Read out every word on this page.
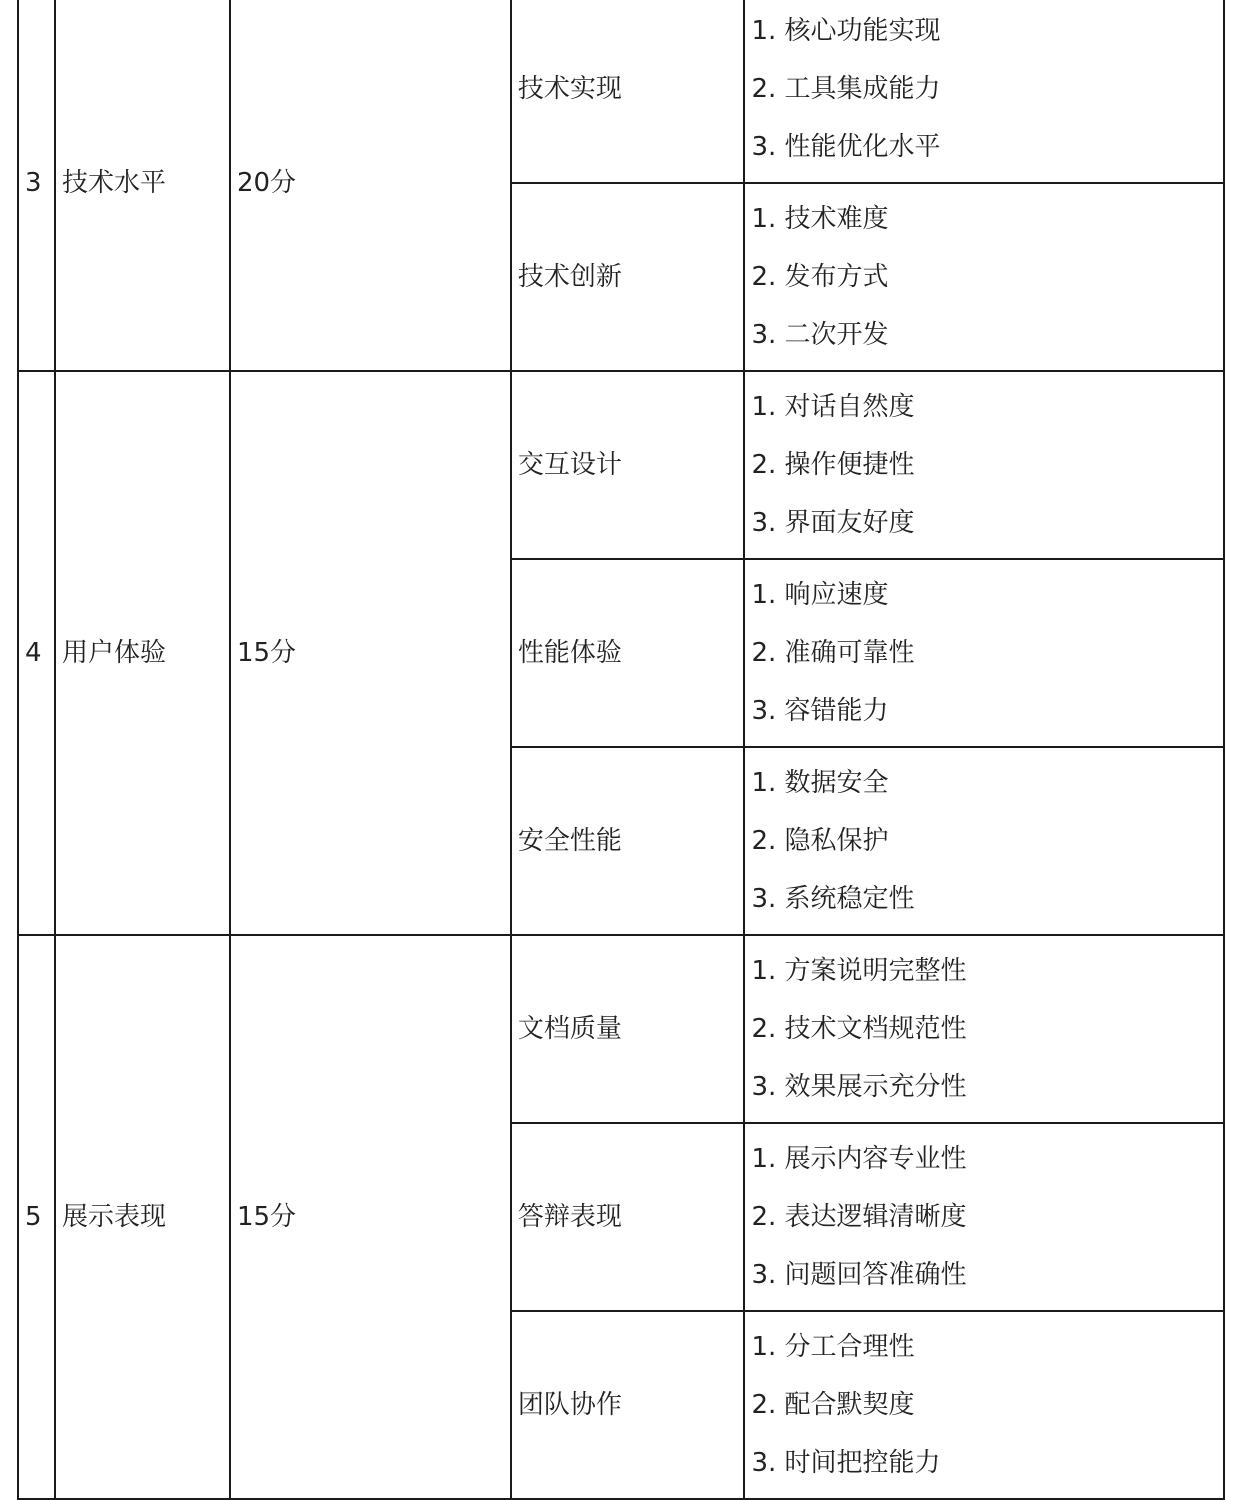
3	技术水平	20分	技术实现	1. 核心功能实现
2. 工具集成能力
3. 性能优化水平

			技术创新	1. 技术难度
2. 发布方式
3. 二次开发

4	用户体验	15分	交互设计	1. 对话自然度
2. 操作便捷性
3. 界面友好度

			性能体验	1. 响应速度
2. 准确可靠性
3. 容错能力

			安全性能	1. 数据安全
2. 隐私保护
3. 系统稳定性

5	展示表现	15分	文档质量	1. 方案说明完整性
2. 技术文档规范性
3. 效果展示充分性

			答辩表现	1. 展示内容专业性
2. 表达逻辑清晰度
3. 问题回答准确性

			团队协作	1. 分工合理性
2. 配合默契度
3. 时间把控能力
